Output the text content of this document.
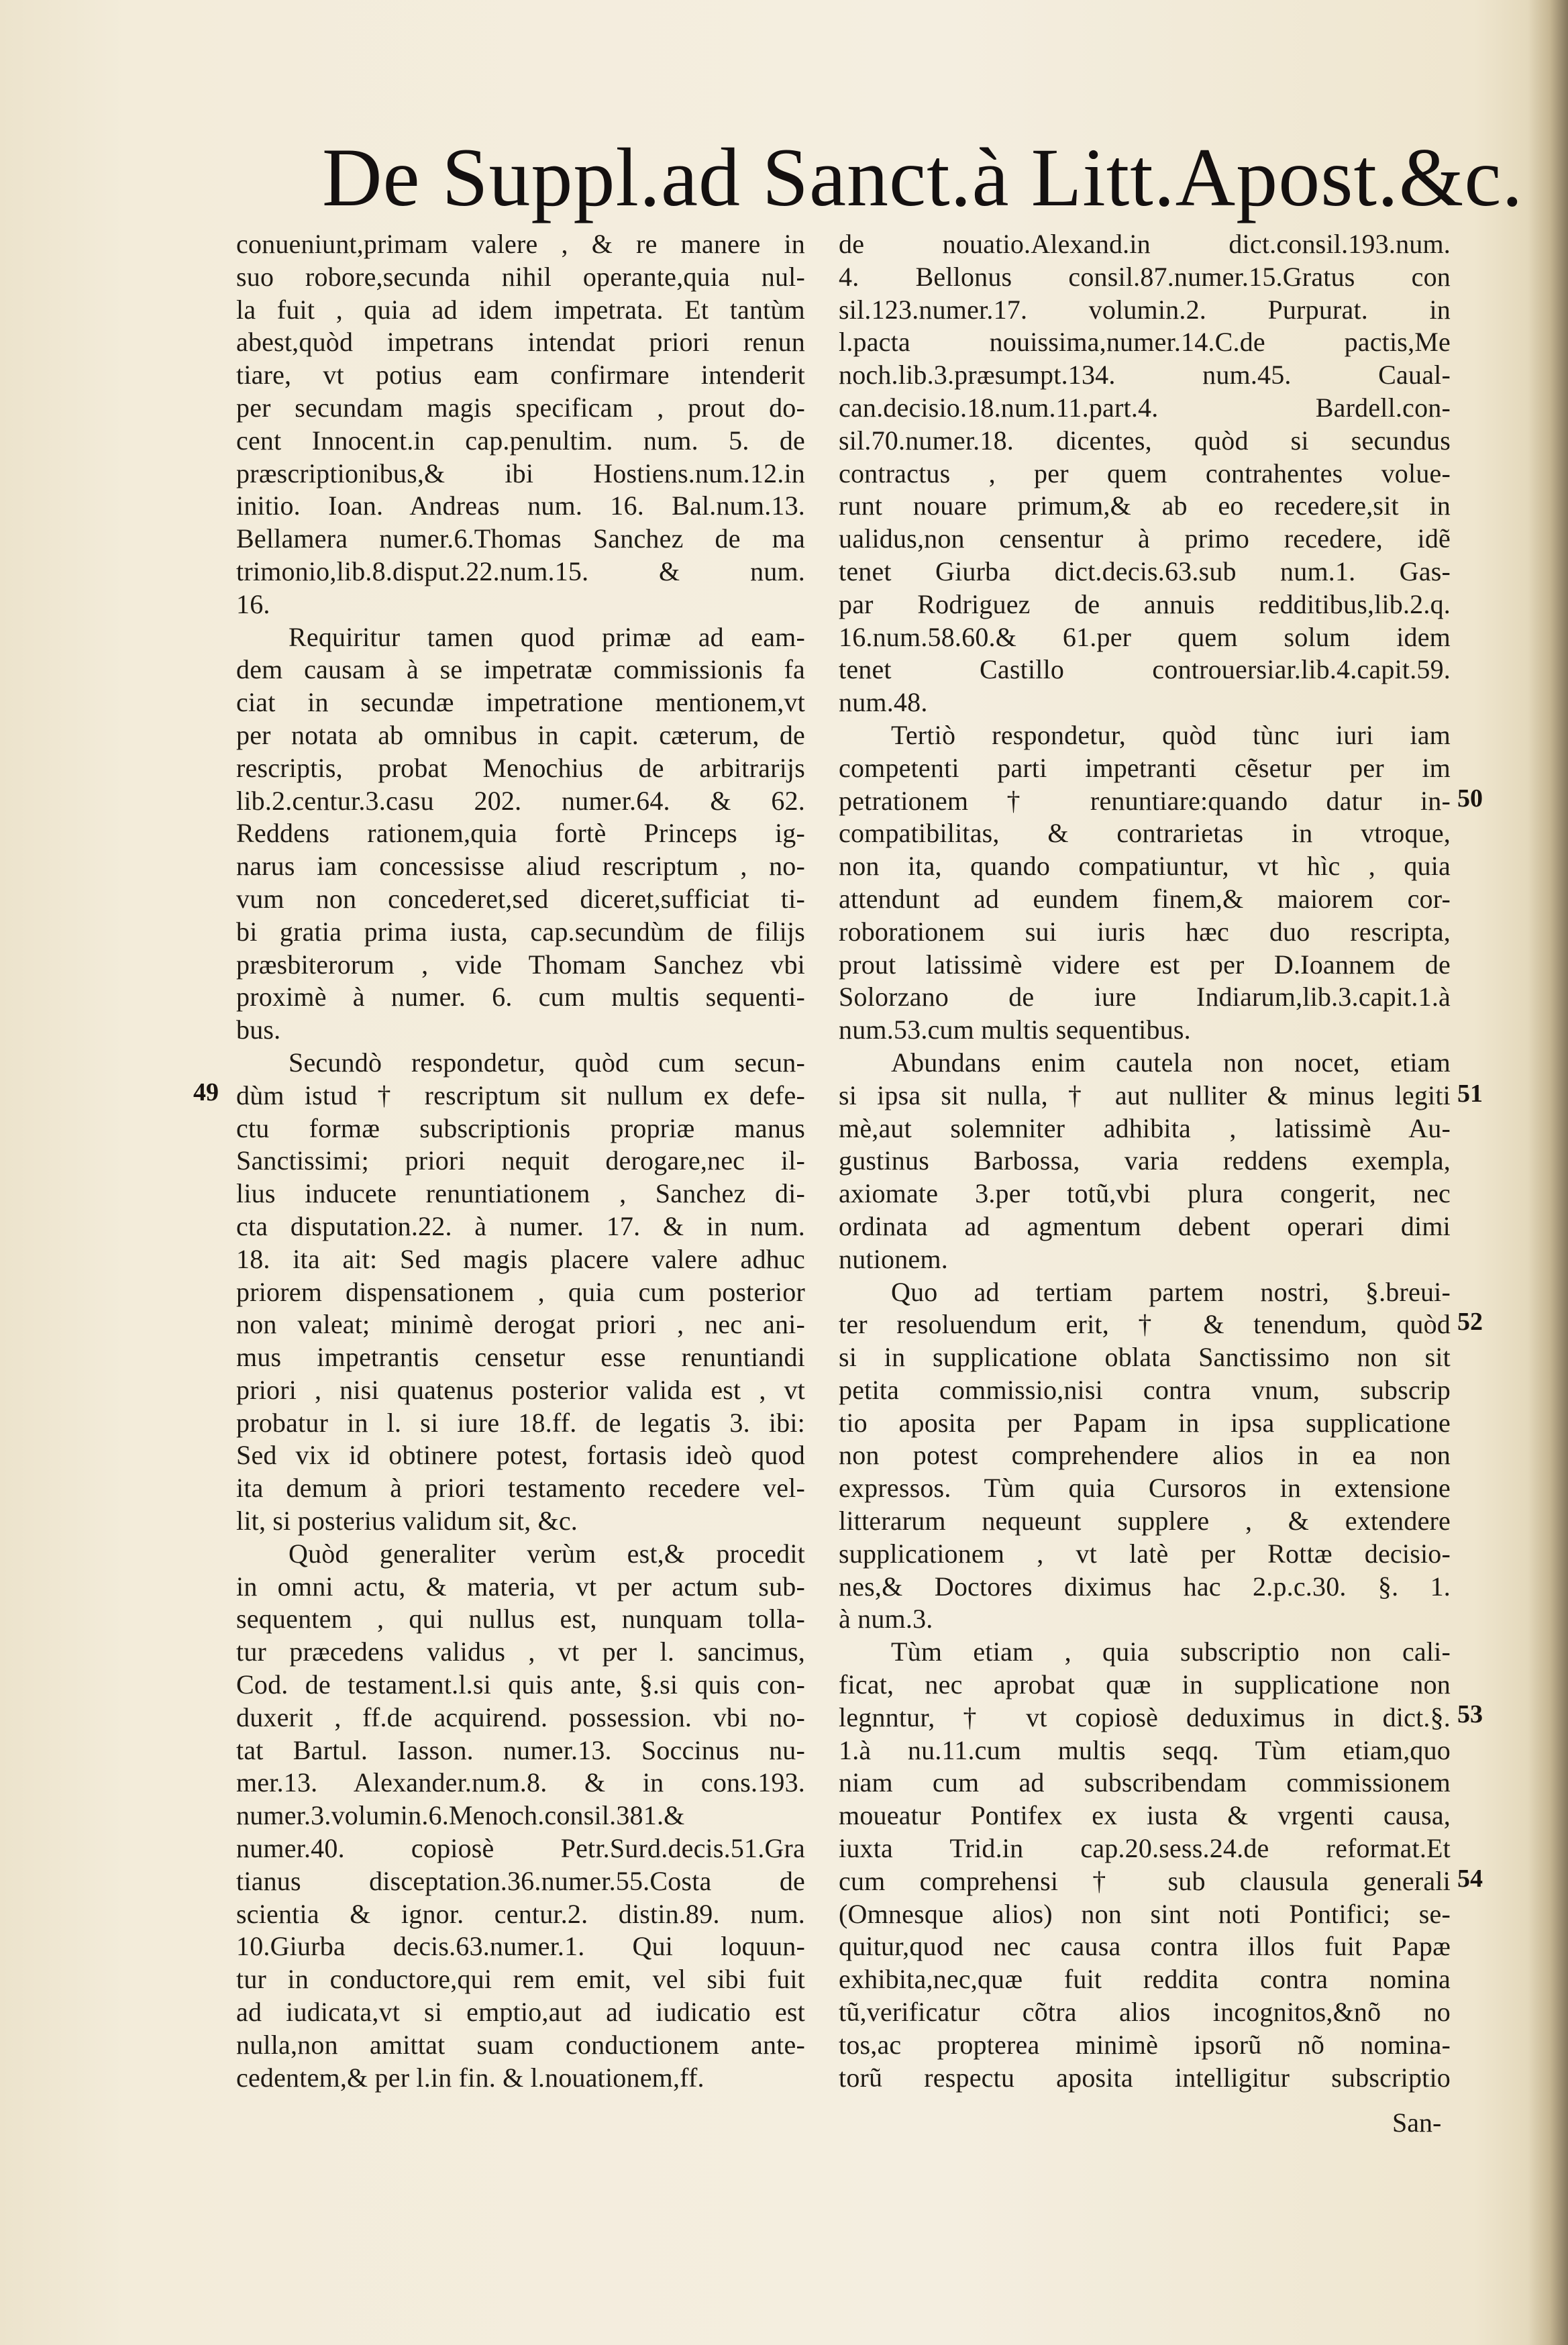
De Suppl.ad Sanct.à Litt.Apost.&c.
conueniunt,primam valere , & re manere in
suo robore,secunda nihil operante,quia nul-
la fuit , quia ad idem impetrata. Et tantùm
abest,quòd impetrans intendat priori renun
tiare, vt potius eam confirmare intenderit
per secundam magis specificam , prout do-
cent Innocent.in cap.penultim. num. 5. de
præscriptionibus,& ibi Hostiens.num.12.in
initio. Ioan. Andreas num. 16. Bal.num.13.
Bellamera numer.6.Thomas Sanchez de ma
trimonio,lib.8.disput.22.num.15. & num.
16.
Requiritur tamen quod primæ ad eam-
dem causam à se impetratæ commissionis fa
ciat in secundæ impetratione mentionem,vt
per notata ab omnibus in capit. cæterum, de
rescriptis, probat Menochius de arbitrarijs
lib.2.centur.3.casu 202. numer.64. & 62.
Reddens rationem,quia fortè Princeps ig-
narus iam concessisse aliud rescriptum , no-
vum non concederet,sed diceret,sufficiat ti-
bi gratia prima iusta, cap.secundùm de filijs
præsbiterorum , vide Thomam Sanchez vbi
proximè à numer. 6. cum multis sequenti-
bus.
Secundò respondetur, quòd cum secun-
dùm istud † rescriptum sit nullum ex defe-
ctu formæ subscriptionis propriæ manus
Sanctissimi; priori nequit derogare,nec il-
lius inducete renuntiationem , Sanchez di-
cta disputation.22. à numer. 17. & in num.
18. ita ait: Sed magis placere valere adhuc
priorem dispensationem , quia cum posterior
non valeat; minimè derogat priori , nec ani-
mus impetrantis censetur esse renuntiandi
priori , nisi quatenus posterior valida est , vt
probatur in l. si iure 18.ff. de legatis 3. ibi:
Sed vix id obtinere potest, fortasis ideò quod
ita demum à priori testamento recedere vel-
lit, si posterius validum sit, &c.
Quòd generaliter verùm est,& procedit
in omni actu, & materia, vt per actum sub-
sequentem , qui nullus est, nunquam tolla-
tur præcedens validus , vt per l. sancimus,
Cod. de testament.l.si quis ante, §.si quis con-
duxerit , ff.de acquirend. possession. vbi no-
tat Bartul. Iasson. numer.13. Soccinus nu-
mer.13. Alexander.num.8. & in cons.193.
numer.3.volumin.6.Menoch.consil.381.&
numer.40. copiosè Petr.Surd.decis.51.Gra
tianus disceptation.36.numer.55.Costa de
scientia & ignor. centur.2. distin.89. num.
10.Giurba decis.63.numer.1. Qui loquun-
tur in conductore,qui rem emit, vel sibi fuit
ad iudicata,vt si emptio,aut ad iudicatio est
nulla,non amittat suam conductionem ante-
cedentem,& per l.in fin. & l.nouationem,ff.
de nouatio.Alexand.in dict.consil.193.num.
4. Bellonus consil.87.numer.15.Gratus con
sil.123.numer.17. volumin.2. Purpurat. in
l.pacta nouissima,numer.14.C.de pactis,Me
noch.lib.3.præsumpt.134. num.45. Caual-
can.decisio.18.num.11.part.4. Bardell.con-
sil.70.numer.18. dicentes, quòd si secundus
contractus , per quem contrahentes volue-
runt nouare primum,& ab eo recedere,sit in
ualidus,non censentur à primo recedere, idẽ
tenet Giurba dict.decis.63.sub num.1. Gas-
par Rodriguez de annuis redditibus,lib.2.q.
16.num.58.60.& 61.per quem solum idem
tenet Castillo controuersiar.lib.4.capit.59.
num.48.
Tertiò respondetur, quòd tùnc iuri iam
competenti parti impetranti cẽsetur per im
petrationem † renuntiare:quando datur in-
compatibilitas, & contrarietas in vtroque,
non ita, quando compatiuntur, vt hìc , quia
attendunt ad eundem finem,& maiorem cor-
roborationem sui iuris hæc duo rescripta,
prout latissimè videre est per D.Ioannem de
Solorzano de iure Indiarum,lib.3.capit.1.à
num.53.cum multis sequentibus.
Abundans enim cautela non nocet, etiam
si ipsa sit nulla, † aut nulliter & minus legiti
mè,aut solemniter adhibita , latissimè Au-
gustinus Barbossa, varia reddens exempla,
axiomate 3.per totũ,vbi plura congerit, nec
ordinata ad agmentum debent operari dimi
nutionem.
Quo ad tertiam partem nostri, §.breui-
ter resoluendum erit, † & tenendum, quòd
si in supplicatione oblata Sanctissimo non sit
petita commissio,nisi contra vnum, subscrip
tio aposita per Papam in ipsa supplicatione
non potest comprehendere alios in ea non
expressos. Tùm quia Cursoros in extensione
litterarum nequeunt supplere , & extendere
supplicationem , vt latè per Rottæ decisio-
nes,& Doctores diximus hac 2.p.c.30. §. 1.
à num.3.
Tùm etiam , quia subscriptio non cali-
ficat, nec aprobat quæ in supplicatione non
legnntur, † vt copiosè deduximus in dict.§.
1.à nu.11.cum multis seqq. Tùm etiam,quo
niam cum ad subscribendam commissionem
moueatur Pontifex ex iusta & vrgenti causa,
iuxta Trid.in cap.20.sess.24.de reformat.Et
cum comprehensi † sub clausula generali
(Omnesque alios) non sint noti Pontifici; se-
quitur,quod nec causa contra illos fuit Papæ
exhibita,nec,quæ fuit reddita contra nomina
tũ,verificatur cõtra alios incognitos,&nõ no
tos,ac propterea minimè ipsorũ nõ nomina-
torũ respectu aposita intelligitur subscriptio
49
50
51
52
53
54
San-
